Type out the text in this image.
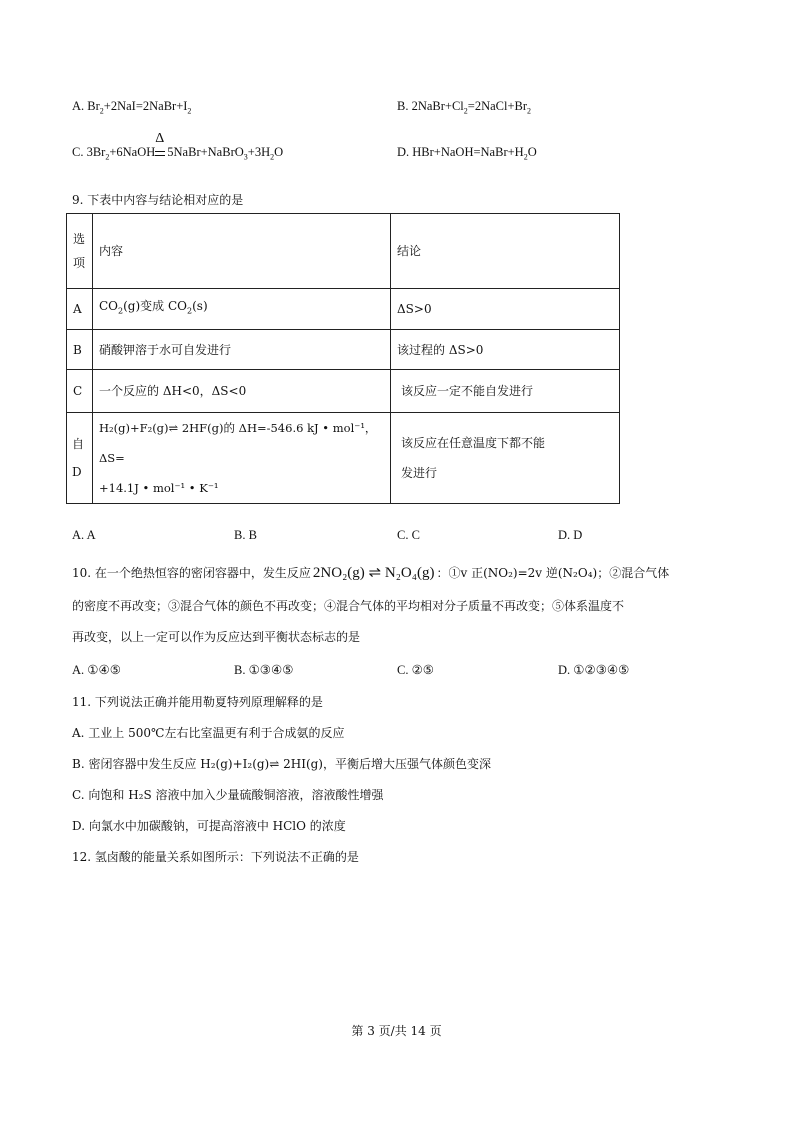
A. $Br_2+2NaI=2NaBr+I_2$	B. $2NaBr+Cl_2=2NaCl+Br_2$
C. $3Br_2+6NaOH$
Δ
$5NaBr+NaBrO_3+3H_2O$	D. $HBr+NaOH=NaBr+H_2O$
9. 下表中内容与结论相对应的是
选
项	内容	结论
A	$CO_2(g)$变成 $CO_2(s)$	ΔS>0
B	硝酸钾溶于水可自发进行	该过程的 ΔS>0
C	一个反应的 ΔH<0，ΔS<0	该反应一定不能自发进行
自 D	H₂(g)+F₂(g)⇌ 2HF(g)的 ΔH=-546.6 kJ • mol⁻¹，ΔS=
+14.1J • mol⁻¹ • K⁻¹	该反应在任意温度下都不能
发进行
A. A	B. B	C. C	D. D
10. 在一个绝热恒容的密闭容器中，发生反应 2NO₂(g) ⇌ N₂O₄(g) ：①v 正(NO₂)=2v 逆(N₂O₄)；②混合气体
的密度不再改变；③混合气体的颜色不再改变；④混合气体的平均相对分子质量不再改变；⑤体系温度不
再改变，以上一定可以作为反应达到平衡状态标志的是
A. ①④⑤	B. ①③④⑤	C. ②⑤	D. ①②③④⑤
11. 下列说法正确并能用勒夏特列原理解释的是
A. 工业上 500℃左右比室温更有利于合成氨的反应
B. 密闭容器中发生反应 H₂(g)+I₂(g)⇌ 2HI(g)，平衡后增大压强气体颜色变深
C. 向饱和 H₂S 溶液中加入少量硫酸铜溶液，溶液酸性增强
D. 向氯水中加碳酸钠，可提高溶液中 HClO 的浓度
12. 氢卤酸的能量关系如图所示：下列说法不正确的是
第 3 页/共 14 页
